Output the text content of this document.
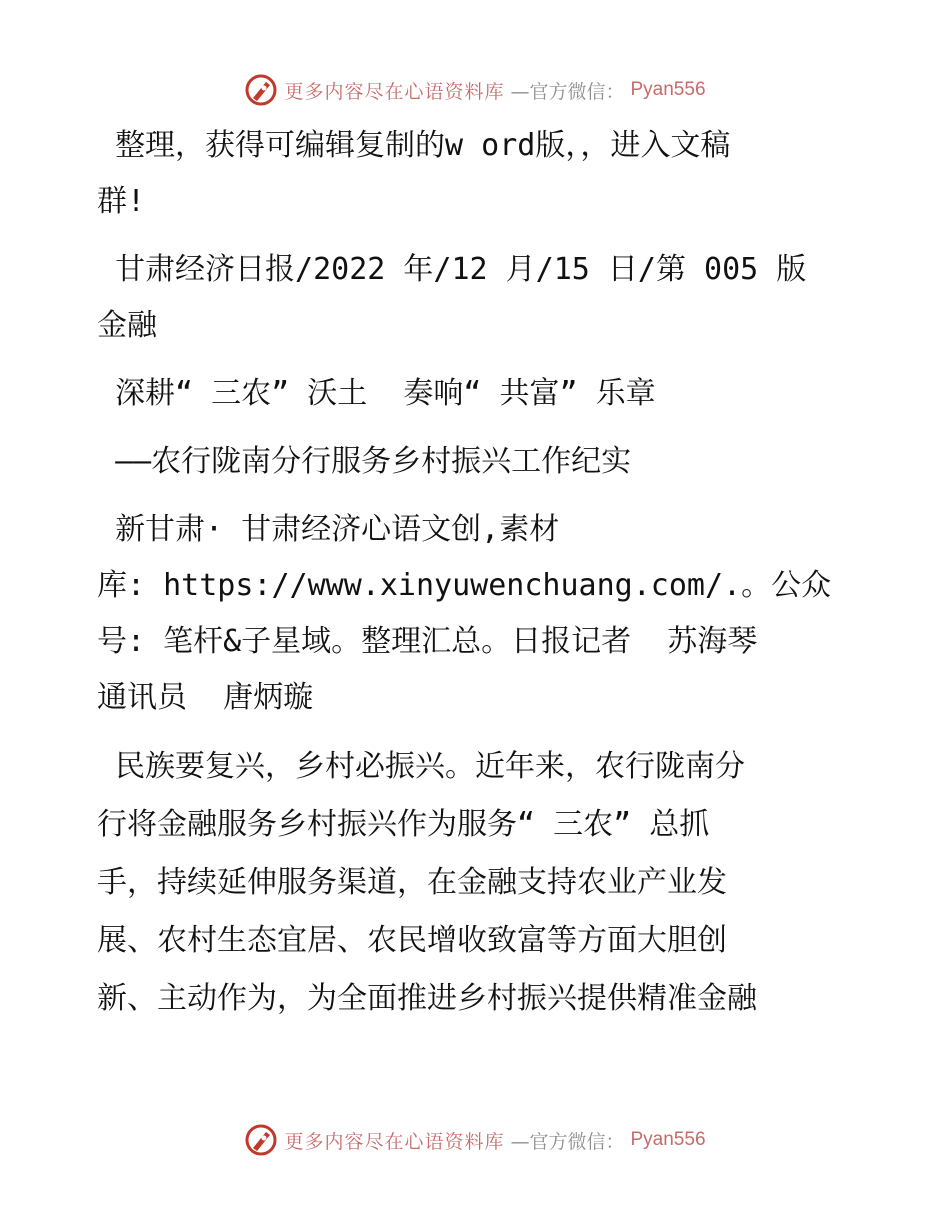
更多内容尽在心语资料库 —官方微信： Pyan556

整理，获得可编辑复制的w ord版，，进入文稿
群!

甘肃经济日报/2022 年/12 月/15 日/第 005 版
金融

深耕“ 三农” 沃土  奏响“ 共富” 乐章

——农行陇南分行服务乡村振兴工作纪实

新甘肃· 甘肃经济心语文创,素材
库: https://www.xinyuwenchuang.com/.。公众
号: 笔杆&子星域。整理汇总。日报记者  苏海琴
通讯员  唐炳璇

民族要复兴，乡村必振兴。近年来，农行陇南分
行将金融服务乡村振兴作为服务“ 三农” 总抓
手，持续延伸服务渠道，在金融支持农业产业发
展、农村生态宜居、农民增收致富等方面大胆创
新、主动作为，为全面推进乡村振兴提供精准金融

更多内容尽在心语资料库 —官方微信： Pyan556
